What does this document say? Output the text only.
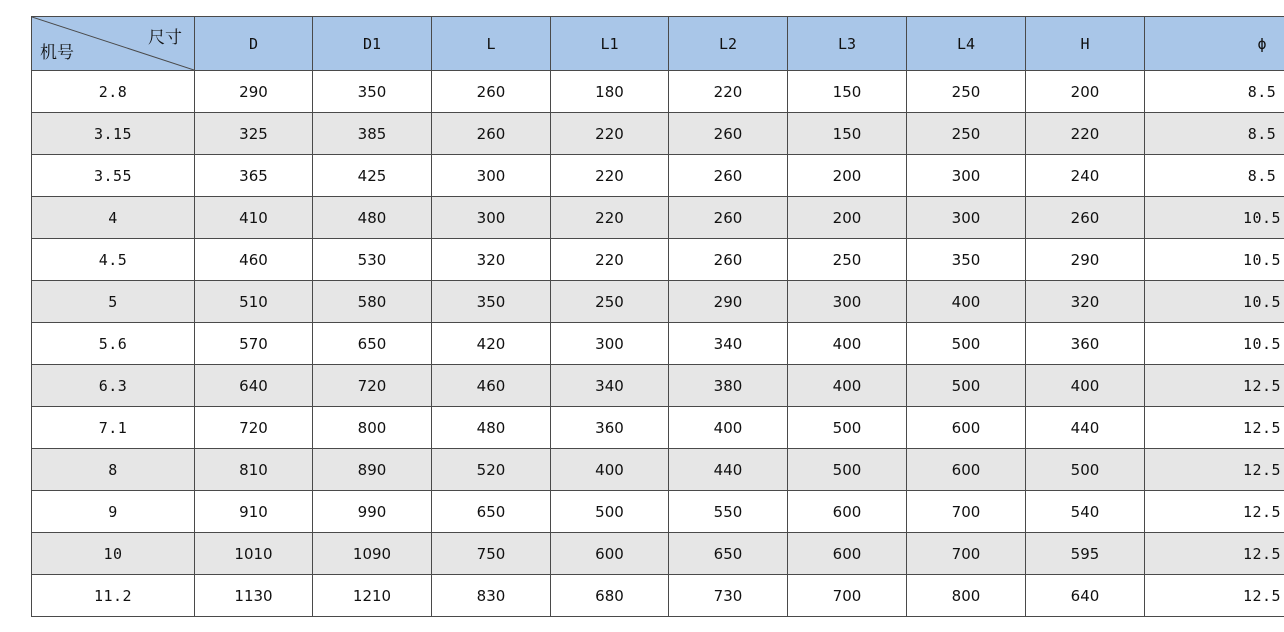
尺寸
机号	D	D1	L	L1	L2	L3	L4	H	ϕ
2.8	290	350	260	180	220	150	250	200	8.5
3.15	325	385	260	220	260	150	250	220	8.5
3.55	365	425	300	220	260	200	300	240	8.5
4	410	480	300	220	260	200	300	260	10.5
4.5	460	530	320	220	260	250	350	290	10.5
5	510	580	350	250	290	300	400	320	10.5
5.6	570	650	420	300	340	400	500	360	10.5
6.3	640	720	460	340	380	400	500	400	12.5
7.1	720	800	480	360	400	500	600	440	12.5
8	810	890	520	400	440	500	600	500	12.5
9	910	990	650	500	550	600	700	540	12.5
10	1010	1090	750	600	650	600	700	595	12.5
11.2	1130	1210	830	680	730	700	800	640	12.5
